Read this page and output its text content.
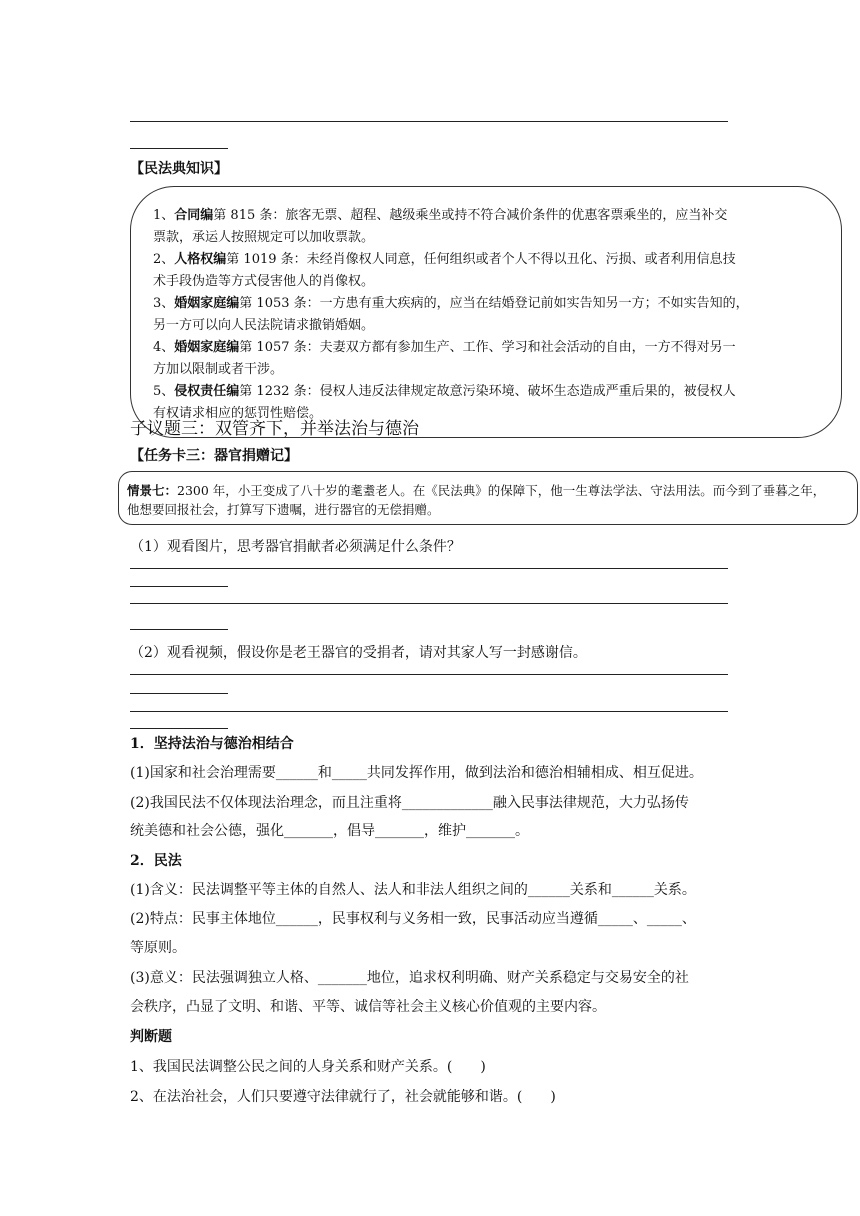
【民法典知识】
1、合同编第 815 条：旅客无票、超程、越级乘坐或持不符合减价条件的优惠客票乘坐的，应当补交
票款，承运人按照规定可以加收票款。
2、人格权编第 1019 条：未经肖像权人同意，任何组织或者个人不得以丑化、污损、或者利用信息技
术手段伪造等方式侵害他人的肖像权。
3、婚姻家庭编第 1053 条：一方患有重大疾病的，应当在结婚登记前如实告知另一方；不如实告知的，
另一方可以向人民法院请求撤销婚姻。
4、婚姻家庭编第 1057 条：夫妻双方都有参加生产、工作、学习和社会活动的自由，一方不得对另一
方加以限制或者干涉。
5、侵权责任编第 1232 条：侵权人违反法律规定故意污染环境、破坏生态造成严重后果的，被侵权人
有权请求相应的惩罚性赔偿。
子议题三：双管齐下，并举法治与德治
【任务卡三：器官捐赠记】
情景七：2300 年，小王变成了八十岁的耄耋老人。在《民法典》的保障下，他一生尊法学法、守法用法。而今到了垂暮之年，
他想要回报社会，打算写下遗嘱，进行器官的无偿捐赠。
（1）观看图片，思考器官捐献者必须满足什么条件？
（2）观看视频，假设你是老王器官的受捐者，请对其家人写一封感谢信。
1．坚持法治与德治相结合
(1)国家和社会治理需要______和_____共同发挥作用，做到法治和德治相辅相成、相互促进。
(2)我国民法不仅体现法治理念，而且注重将_____________融入民事法律规范，大力弘扬传
统美德和社会公德，强化_______，倡导_______，维护_______。
2．民法
(1)含义：民法调整平等主体的自然人、法人和非法人组织之间的______关系和______关系。
(2)特点：民事主体地位______，民事权利与义务相一致，民事活动应当遵循_____、_____、
等原则。
(3)意义：民法强调独立人格、_______地位，追求权利明确、财产关系稳定与交易安全的社
会秩序，凸显了文明、和谐、平等、诚信等社会主义核心价值观的主要内容。
判断题
1、我国民法调整公民之间的人身关系和财产关系。(　　)
2、在法治社会，人们只要遵守法律就行了，社会就能够和谐。(　　)
